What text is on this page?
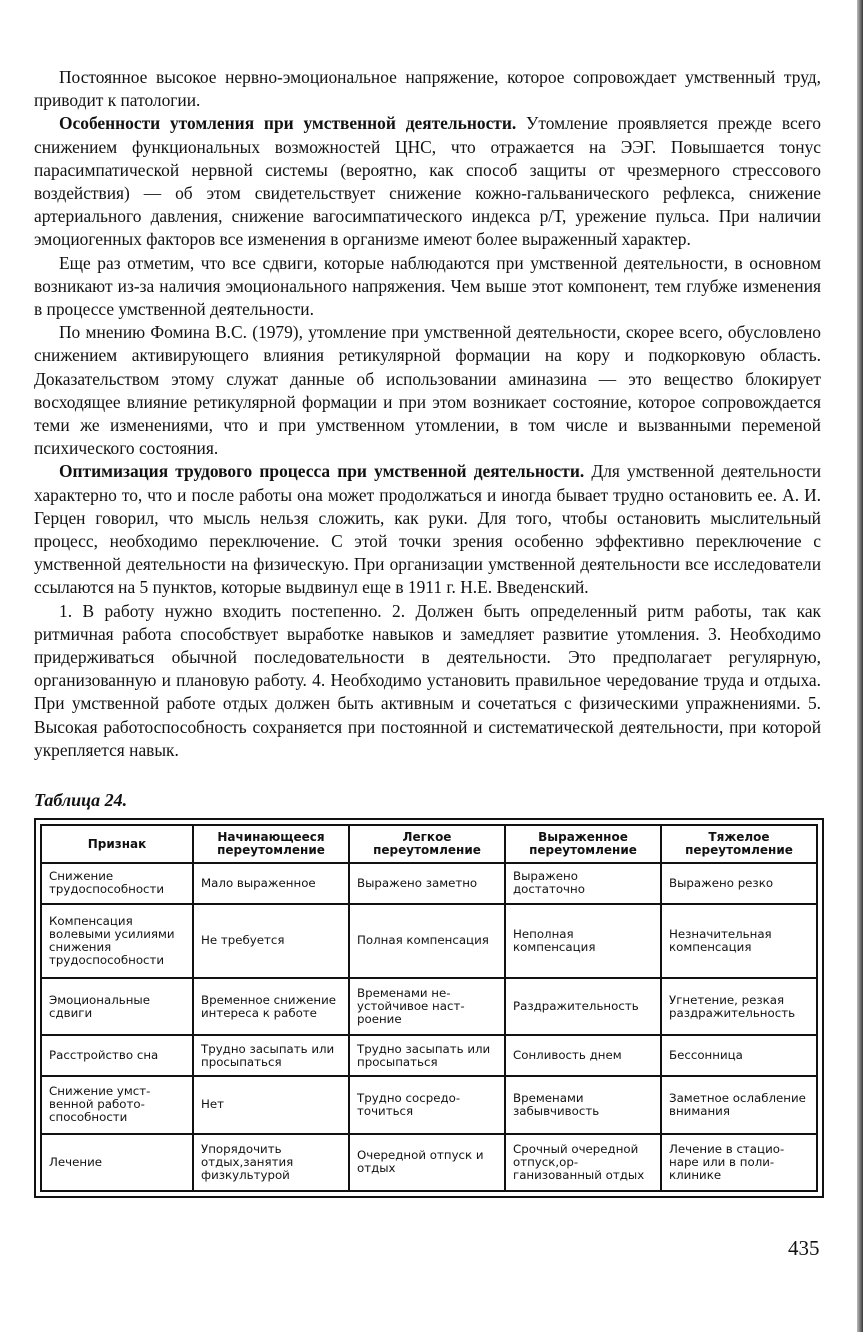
Постоянное высокое нервно-эмоциональное напряжение, которое сопровождает умственный труд, приводит к патологии.

Особенности утомления при умственной деятельности. Утомление проявляется прежде всего снижением функциональных возможностей ЦНС, что отражается на ЭЭГ. Повышается тонус парасимпатической нервной системы (вероятно, как способ защиты от чрезмерного стрессового воздействия) — об этом свидетельствует снижение кожно-гальванического рефлекса, снижение артериального давления, снижение вагосимпатического индекса р/Т, урежение пульса. При наличии эмоциогенных факторов все изменения в организме имеют более выраженный характер.

Еще раз отметим, что все сдвиги, которые наблюдаются при умственной деятельности, в основном возникают из-за наличия эмоционального напряжения. Чем выше этот компонент, тем глубже изменения в процессе умственной деятельности.

По мнению Фомина В.С. (1979), утомление при умственной деятельности, скорее всего, обусловлено снижением активирующего влияния ретикулярной формации на кору и подкорковую область. Доказательством этому служат данные об использовании аминазина — это вещество блокирует восходящее влияние ретикулярной формации и при этом возникает состояние, которое сопровождается теми же изменениями, что и при умственном утомлении, в том числе и вызванными переменой психического состояния.

Оптимизация трудового процесса при умственной деятельности. Для умственной деятельности характерно то, что и после работы она может продолжаться и иногда бывает трудно остановить ее. А. И. Герцен говорил, что мысль нельзя сложить, как руки. Для того, чтобы остановить мыслительный процесс, необходимо переключение. С этой точки зрения особенно эффективно переключение с умственной деятельности на физическую. При организации умственной деятельности все исследователи ссылаются на 5 пунктов, которые выдвинул еще в 1911 г. Н.Е. Введенский.

1. В работу нужно входить постепенно. 2. Должен быть определенный ритм работы, так как ритмичная работа способствует выработке навыков и замедляет развитие утомления. 3. Необходимо придерживаться обычной последовательности в деятельности. Это предполагает регулярную, организованную и плановую работу. 4. Необходимо установить правильное чередование труда и отдыха. При умственной работе отдых должен быть активным и сочетаться с физическими упражнениями. 5. Высокая работоспособность сохраняется при постоянной и систематической деятельности, при которой укрепляется навык.

Таблица 24.
Признак	Начинающееся переутомление	Легкое переутомление	Выраженное переутомление	Тяжелое переутомление
Снижение трудоспособности	Мало выраженное	Выражено заметно	Выражено достаточно	Выражено резко
Компенсация волевыми усилиями снижения трудоспособности	Не требуется	Полная компенсация	Неполная компенсация	Незначительная компенсация
Эмоциональные сдвиги	Временное снижение интереса к работе	Временами неустойчивое настроение	Раздражительность	Угнетение, резкая раздражительность
Расстройство сна	Трудно засыпать или просыпаться	Трудно засыпать или просыпаться	Сонливость днем	Бессонница
Снижение умственной работоспособности	Нет	Трудно сосредоточиться	Временами забывчивость	Заметное ослабление внимания
Лечение	Упорядочить отдых,занятия физкультурой	Очередной отпуск и отдых	Срочный очередной отпуск,организованный отдых	Лечение в стационаре или в поликлинике
435
